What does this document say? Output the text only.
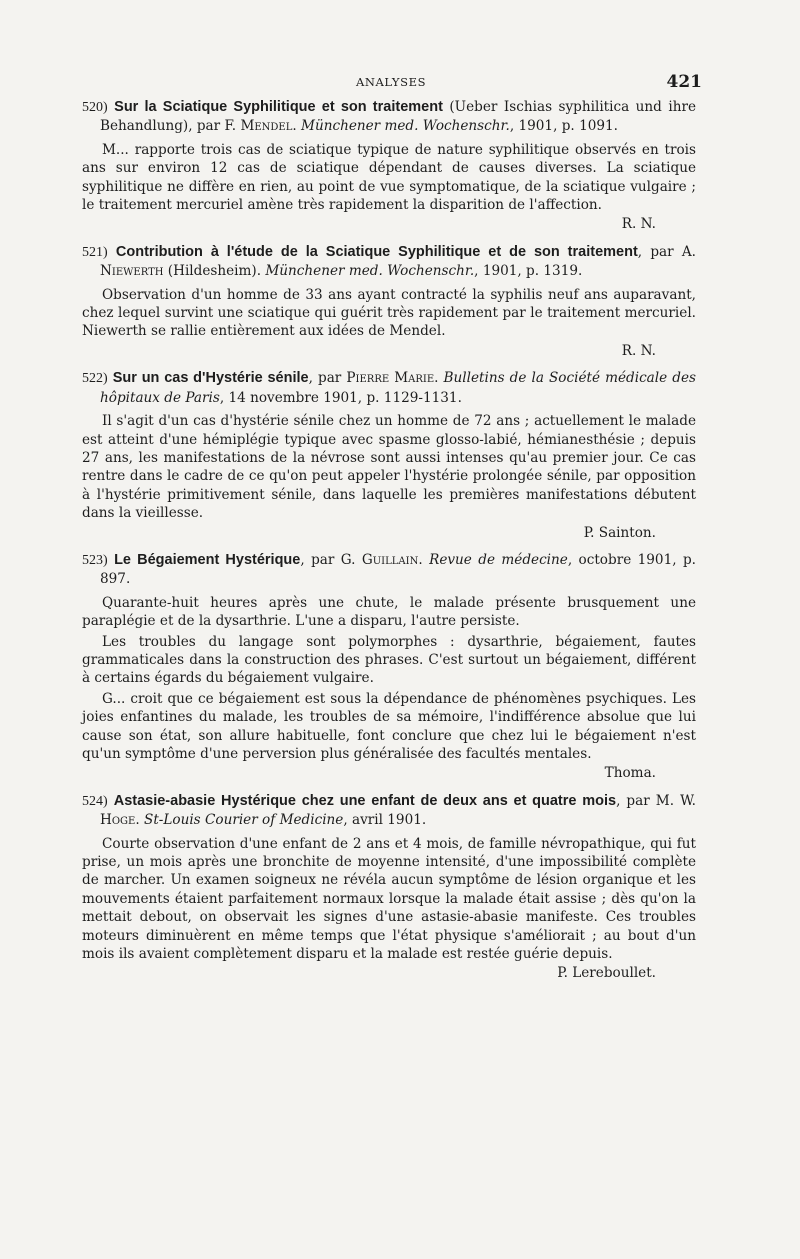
ANALYSES	421
520) Sur la Sciatique Syphilitique et son traitement (Ueber Ischias syphilitica und ihre Behandlung), par F. Mendel. Münchener med. Wochenschr., 1901, p. 1091.

M... rapporte trois cas de sciatique typique de nature syphilitique observés en trois ans sur environ 12 cas de sciatique dépendant de causes diverses. La sciatique syphilitique ne diffère en rien, au point de vue symptomatique, de la sciatique vulgaire ; le traitement mercuriel amène très rapidement la disparition de l'affection.

R. N.
521) Contribution à l'étude de la Sciatique Syphilitique et de son traitement, par A. Niewerth (Hildesheim). Münchener med. Wochenschr., 1901, p. 1319.

Observation d'un homme de 33 ans ayant contracté la syphilis neuf ans auparavant, chez lequel survint une sciatique qui guérit très rapidement par le traitement mercuriel. Niewerth se rallie entièrement aux idées de Mendel.

R. N.
522) Sur un cas d'Hystérie sénile, par Pierre Marie. Bulletins de la Société médicale des hôpitaux de Paris, 14 novembre 1901, p. 1129-1131.

Il s'agit d'un cas d'hystérie sénile chez un homme de 72 ans ; actuellement le malade est atteint d'une hémiplégie typique avec spasme glosso-labié, hémianesthésie ; depuis 27 ans, les manifestations de la névrose sont aussi intenses qu'au premier jour. Ce cas rentre dans le cadre de ce qu'on peut appeler l'hystérie prolongée sénile, par opposition à l'hystérie primitivement sénile, dans laquelle les premières manifestations débutent dans la vieillesse.

P. Sainton.
523) Le Bégaiement Hystérique, par G. Guillain. Revue de médecine, octobre 1901, p. 897.

Quarante-huit heures après une chute, le malade présente brusquement une paraplégie et de la dysarthrie. L'une a disparu, l'autre persiste.

Les troubles du langage sont polymorphes : dysarthrie, bégaiement, fautes grammaticales dans la construction des phrases. C'est surtout un bégaiement, différent à certains égards du bégaiement vulgaire.

G... croit que ce bégaiement est sous la dépendance de phénomènes psychiques. Les joies enfantines du malade, les troubles de sa mémoire, l'indifférence absolue que lui cause son état, son allure habituelle, font conclure que chez lui le bégaiement n'est qu'un symptôme d'une perversion plus généralisée des facultés mentales.

Thoma.
524) Astasie-abasie Hystérique chez une enfant de deux ans et quatre mois, par M. W. Hoge. St-Louis Courier of Medicine, avril 1901.

Courte observation d'une enfant de 2 ans et 4 mois, de famille névropathique, qui fut prise, un mois après une bronchite de moyenne intensité, d'une impossibilité complète de marcher. Un examen soigneux ne révéla aucun symptôme de lésion organique et les mouvements étaient parfaitement normaux lorsque la malade était assise ; dès qu'on la mettait debout, on observait les signes d'une astasie-abasie manifeste. Ces troubles moteurs diminuèrent en même temps que l'état physique s'améliorait ; au bout d'un mois ils avaient complètement disparu et la malade est restée guérie depuis.

P. Lereboullet.
